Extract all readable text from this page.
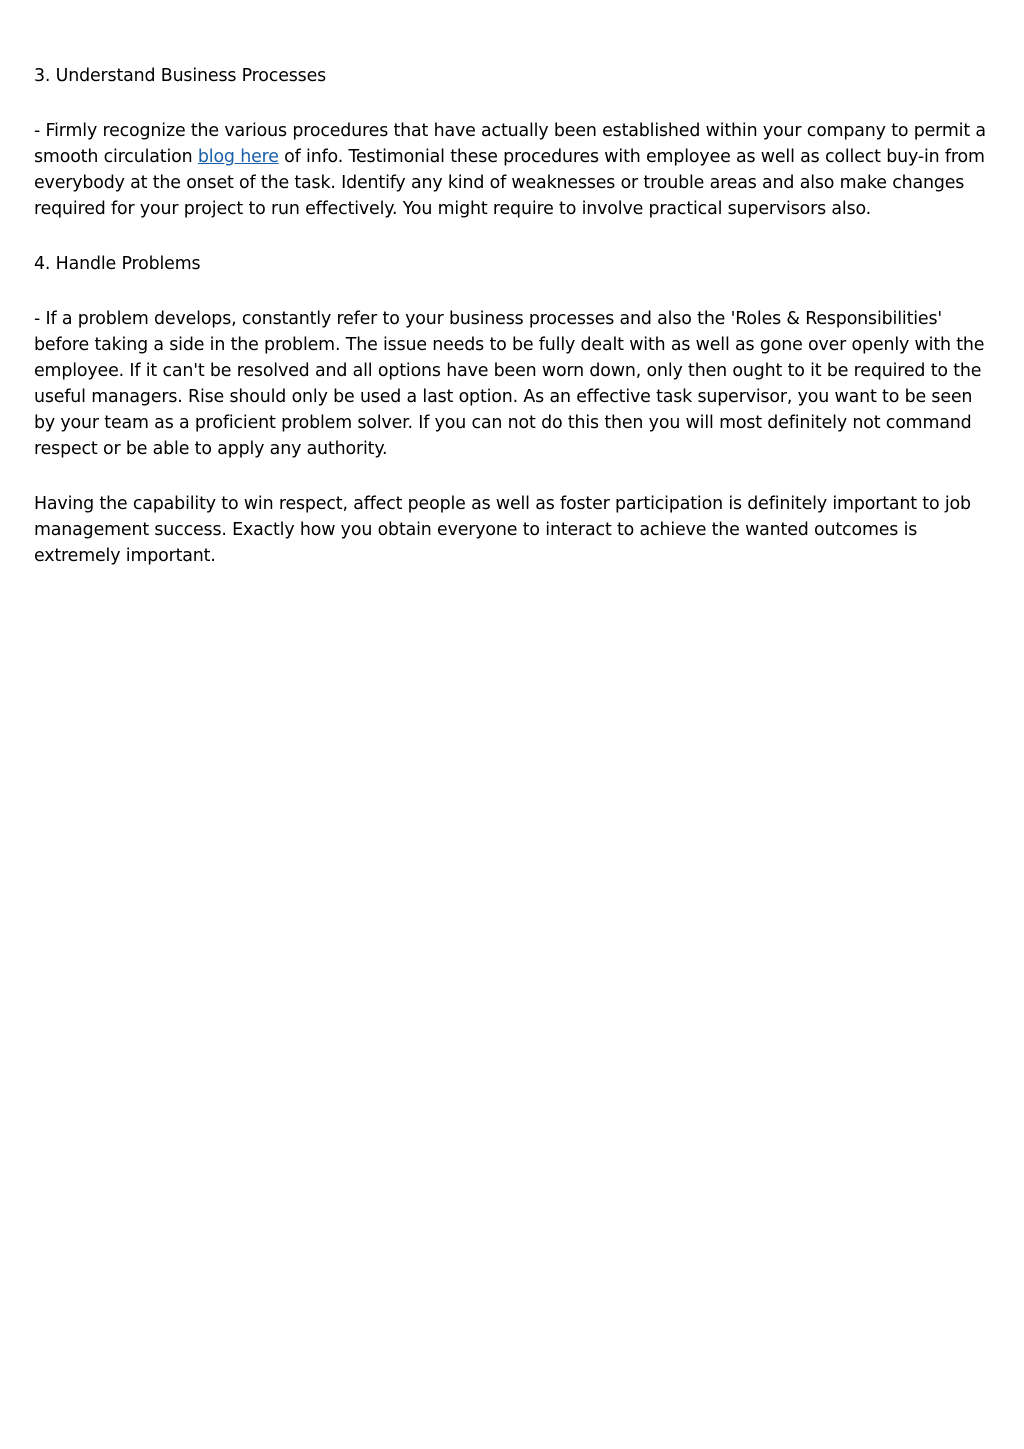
3. Understand Business Processes

- Firmly recognize the various procedures that have actually been established within your company to permit a smooth circulation blog here of info. Testimonial these procedures with employee as well as collect buy-in from everybody at the onset of the task. Identify any kind of weaknesses or trouble areas and also make changes required for your project to run effectively. You might require to involve practical supervisors also.

4. Handle Problems

- If a problem develops, constantly refer to your business processes and also the 'Roles & Responsibilities' before taking a side in the problem. The issue needs to be fully dealt with as well as gone over openly with the employee. If it can't be resolved and all options have been worn down, only then ought to it be required to the useful managers. Rise should only be used a last option. As an effective task supervisor, you want to be seen by your team as a proficient problem solver. If you can not do this then you will most definitely not command respect or be able to apply any authority.

Having the capability to win respect, affect people as well as foster participation is definitely important to job management success. Exactly how you obtain everyone to interact to achieve the wanted outcomes is extremely important.
